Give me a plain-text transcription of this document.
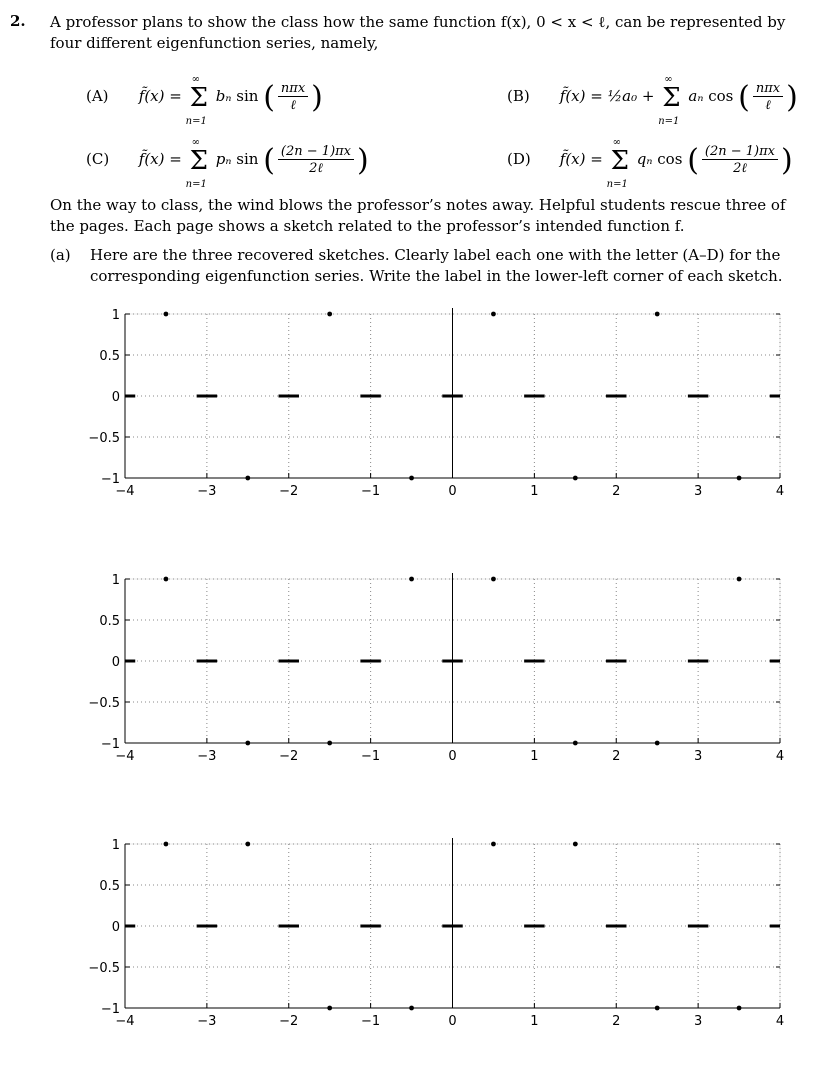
2. A professor plans to show the class how the same function f(x), 0 < x < ℓ, can be represented by four different eigenfunction series, namely,
(A) f̃(x) = Σ
∞
n=1
bₙ sin ( $\frac{\text{nπx}}{\text{ℓ}}$ )	(B) f̃(x) = ½a₀ + Σ
∞
n=1
aₙ cos ( $\frac{\text{nπx}}{\text{ℓ}}$ )
(C) f̃(x) = Σ
∞
n=1
pₙ sin ( $\frac{(2n - 1)\pi x}{\text{2ℓ}}$ )	(D) f̃(x) = Σ
∞
n=1
qₙ cos ( $\frac{(2n - 1)\pi x}{\text{2ℓ}}$ )
On the way to class, the wind blows the professor’s notes away. Helpful students rescue three of the pages. Each page shows a sketch related to the professor’s intended function f.
(a) Here are the three recovered sketches. Clearly label each one with the letter (A–D) for the corresponding eigenfunction series. Write the label in the lower-left corner of each sketch.
−4	−3	−2	−1	0	1	2	3	4
1
0.5
0
−0.5
−1
−4	−3	−2	−1	0	1	2	3	4
1
0.5
0
−0.5
−1
−4	−3	−2	−1	0	1	2	3	4
1
0.5
0
−0.5
−1
